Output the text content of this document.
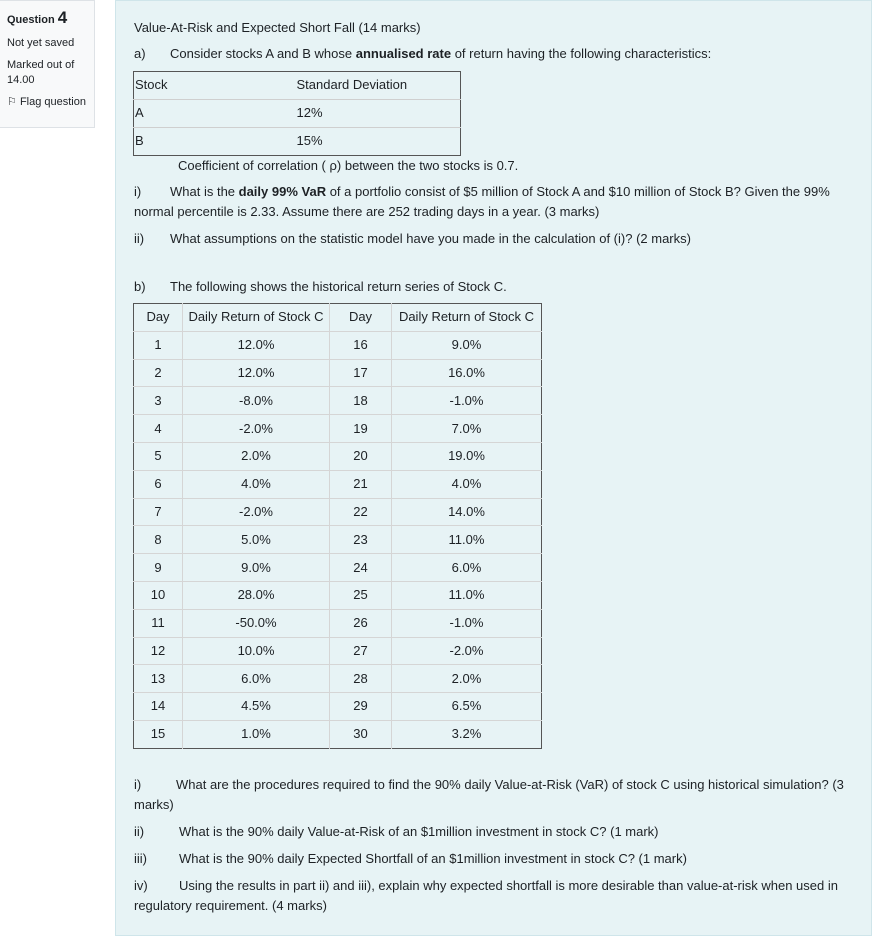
Question 4
Not yet saved
Marked out of 14.00
⚐ Flag question

Value-At-Risk and Expected Short Fall (14 marks)

a) Consider stocks A and B whose annualised rate of return having the following characteristics:

Stock	Standard Deviation
A	12%
B	15%

Coefficient of correlation ( ρ) between the two stocks is 0.7.

i) What is the daily 99% VaR of a portfolio consist of $5 million of Stock A and $10 million of Stock B? Given the 99% normal percentile is 2.33. Assume there are 252 trading days in a year. (3 marks)

ii) What assumptions on the statistic model have you made in the calculation of (i)? (2 marks)

b) The following shows the historical return series of Stock C.

Day	Daily Return of Stock C	Day	Daily Return of Stock C
1	12.0%	16	9.0%
2	12.0%	17	16.0%
3	-8.0%	18	-1.0%
4	-2.0%	19	7.0%
5	2.0%	20	19.0%
6	4.0%	21	4.0%
7	-2.0%	22	14.0%
8	5.0%	23	11.0%
9	9.0%	24	6.0%
10	28.0%	25	11.0%
11	-50.0%	26	-1.0%
12	10.0%	27	-2.0%
13	6.0%	28	2.0%
14	4.5%	29	6.5%
15	1.0%	30	3.2%

i)	What are the procedures required to find the 90% daily Value-at-Risk (VaR) of stock C using historical simulation? (3 marks)

ii)	What is the 90% daily Value-at-Risk of an $1million investment in stock C? (1 mark)

iii) What is the 90% daily Expected Shortfall of an $1million investment in stock C? (1 mark)

iv) Using the results in part ii) and iii), explain why expected shortfall is more desirable than value-at-risk when used in regulatory requirement. (4 marks)
